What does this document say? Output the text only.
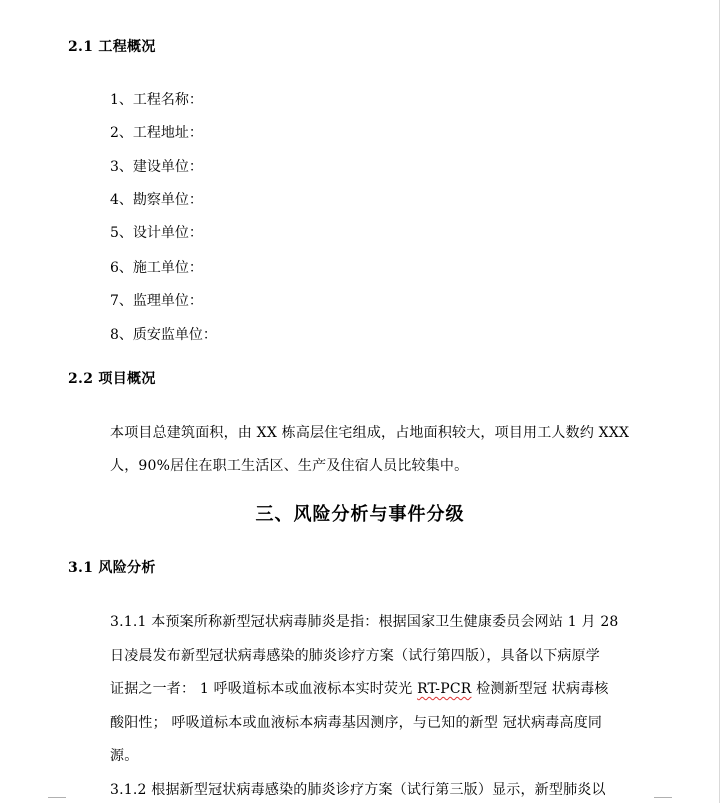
2.1 工程概况
1、工程名称：
2、工程地址：
3、建设单位：
4、勘察单位：
5、设计单位：
6、施工单位：
7、监理单位：
8、质安监单位：
2.2 项目概况
本项目总建筑面积，由 XX 栋高层住宅组成，占地面积较大，项目用工人数约 XXX
人，90%居住在职工生活区、生产及住宿人员比较集中。
三、风险分析与事件分级
3.1 风险分析
3.1.1 本预案所称新型冠状病毒肺炎是指：根据国家卫生健康委员会网站 1 月 28
日凌晨发布新型冠状病毒感染的肺炎诊疗方案（试行第四版），具备以下病原学
证据之一者： 1 呼吸道标本或血液标本实时荧光 RT-PCR 检测新型冠 状病毒核
酸阳性； 呼吸道标本或血液标本病毒基因测序，与已知的新型 冠状病毒高度同
源。
3.1.2 根据新型冠状病毒感染的肺炎诊疗方案（试行第三版）显示，新型肺炎以
